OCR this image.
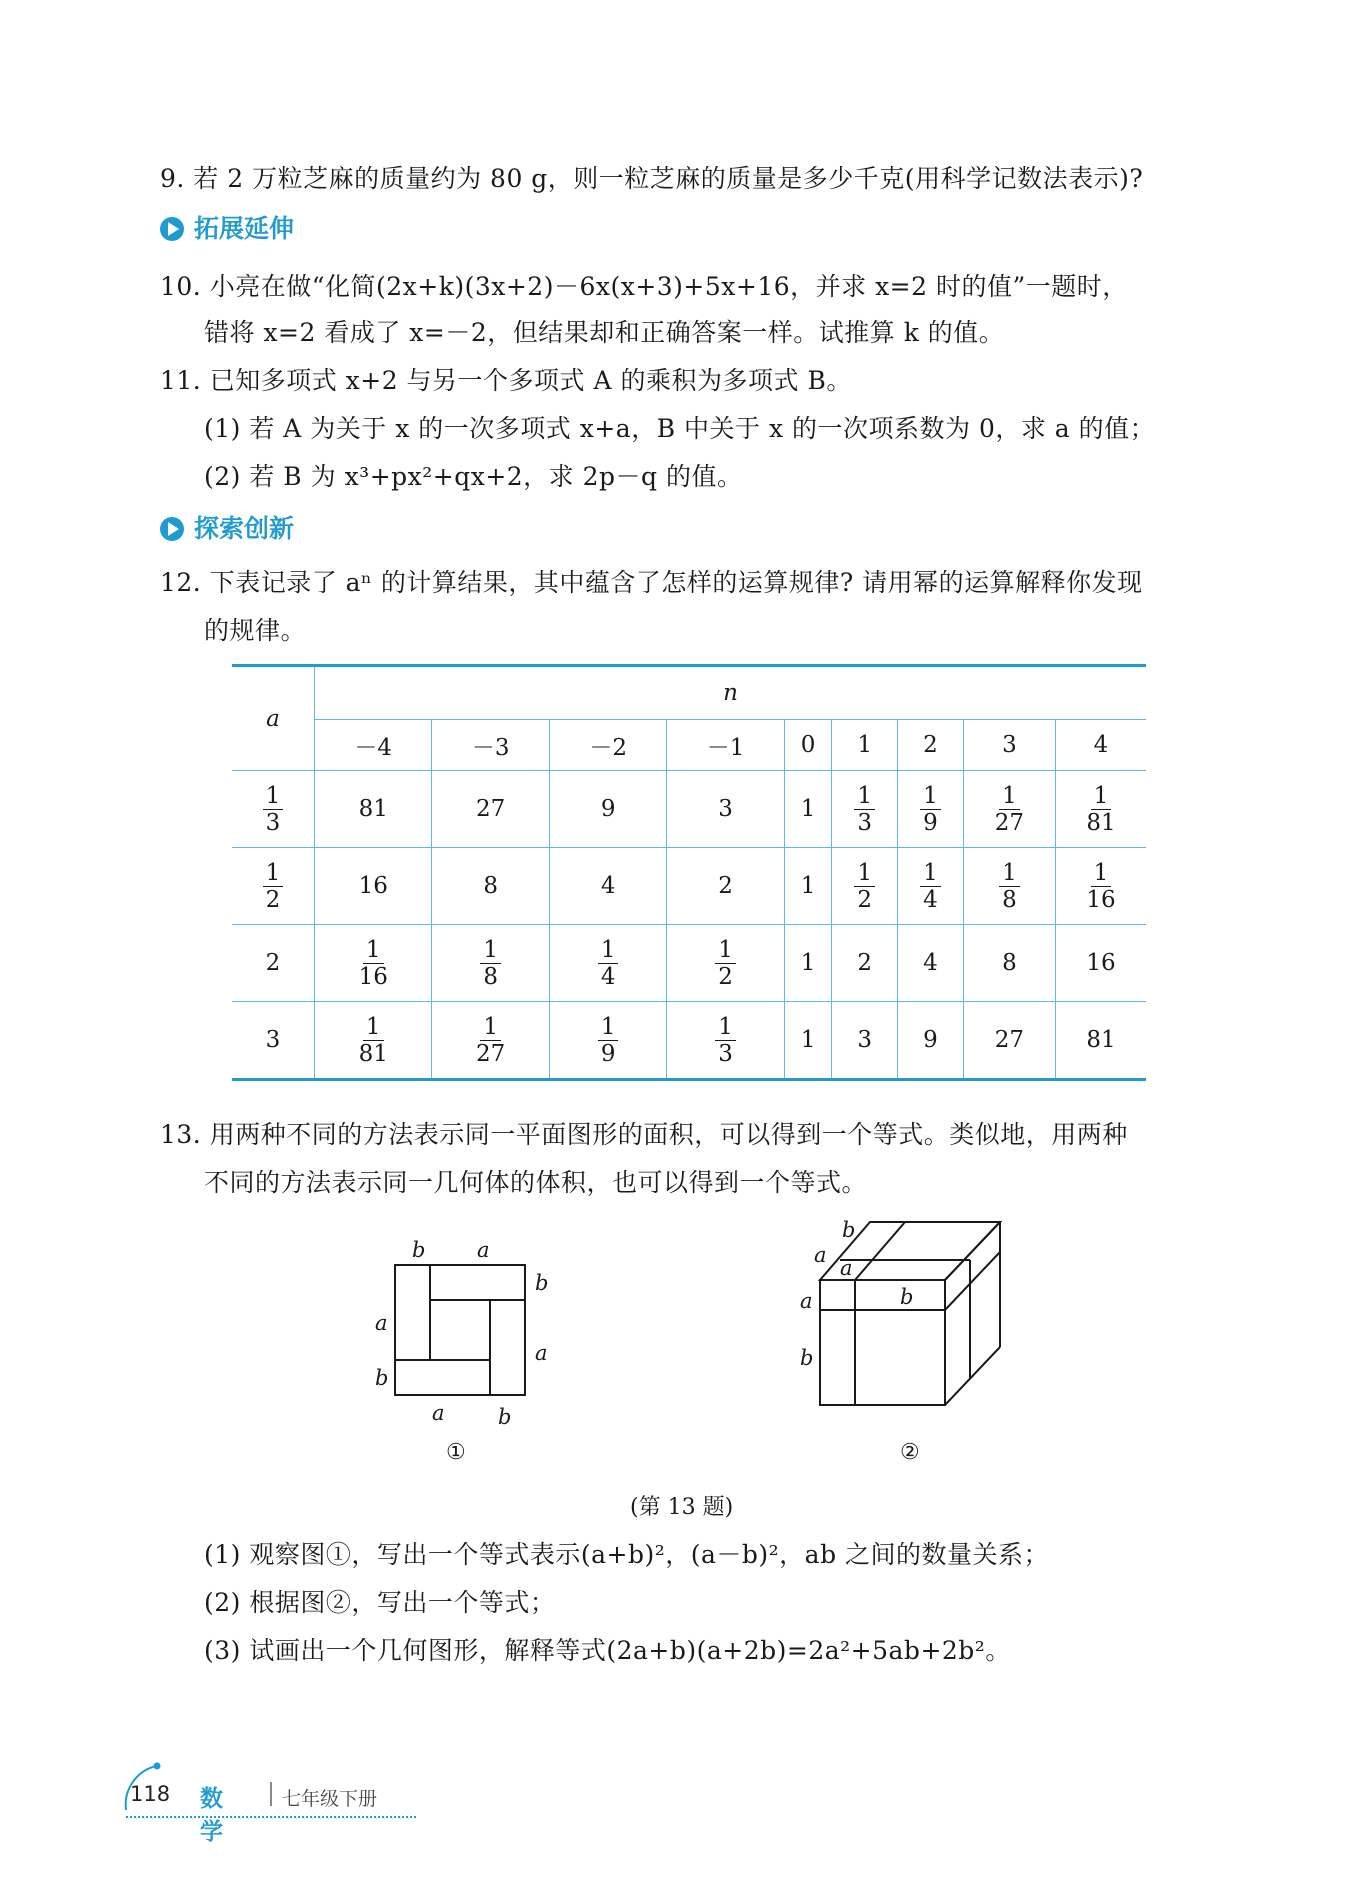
9. 若 2 万粒芝麻的质量约为 80 g，则一粒芝麻的质量是多少千克(用科学记数法表示)?
拓展延伸
10. 小亮在做“化简(2x+k)(3x+2)－6x(x+3)+5x+16，并求 x=2 时的值”一题时，
错将 x=2 看成了 x=－2，但结果却和正确答案一样。试推算 k 的值。
11. 已知多项式 x+2 与另一个多项式 A 的乘积为多项式 B。
(1) 若 A 为关于 x 的一次多项式 x+a，B 中关于 x 的一次项系数为 0，求 a 的值；
(2) 若 B 为 x³+px²+qx+2，求 2p－q 的值。
探索创新
12. 下表记录了 aⁿ 的计算结果，其中蕴含了怎样的运算规律? 请用幂的运算解释你发现
的规律。
a	n								
	－4	－3	－2	－1	0	1	2	3	4

$\frac{1}{3}$	81	27	9	3	1	$\frac{1}{3}$	$\frac{1}{9}$	$\frac{1}{27}$	$\frac{1}{81}$

$\frac{1}{2}$	16	8	4	2	1	$\frac{1}{2}$	$\frac{1}{4}$	$\frac{1}{8}$	$\frac{1}{16}$

2	$\frac{1}{16}$	$\frac{1}{8}$	$\frac{1}{4}$	$\frac{1}{2}$	1	2	4	8	16
3	$\frac{1}{81}$	$\frac{1}{27}$	$\frac{1}{9}$	$\frac{1}{3}$	1	3	9	27	81
13. 用两种不同的方法表示同一平面图形的面积，可以得到一个等式。类似地，用两种
不同的方法表示同一几何体的体积，也可以得到一个等式。
b a
b
a
a
b
a	b
①
b
a
a
b
a
b
②
(第 13 题)
(1) 观察图①，写出一个等式表示(a+b)²，(a－b)²，ab 之间的数量关系；
(2) 根据图②，写出一个等式；
(3) 试画出一个几何图形，解释等式(2a+b)(a+2b)=2a²+5ab+2b²。
118 数学
七年级下册
